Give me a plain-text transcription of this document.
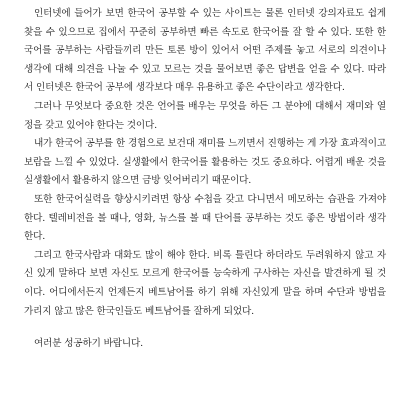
인터넷에 들어가 보면 한국어 공부할 수 있는 사이트는 물론 인터넷 강의자료도 쉽게 찾을 수 있으므로 집에서 꾸준히 공부하면 빠른 속도로 한국어를 잘 할 수 있다. 또한 한국어를 공부하는 사람들끼리 만든 토론 방이 있어서 어떤 주제를 놓고 서로의 의견이나 생각에 대해 의견을 나눌 수 있고 모르는 것을 물어보면 좋은 답변을 얻을 수 있다. 따라서 인터넷은 한국어 공부에 생각보다 매우 유용하고 좋은 수단이라고 생각한다.

그러나 무엇보다 중요한 것은 언어를 배우는 무엇을 하든 그 분야에 대해서 재미와 열정을 갖고 있어야 한다는 것이다.

내가 한국어 공부를 한 경험으로 보건대 재미를 느끼면서 진행하는 게 가장 효과적이고 보람을 느낄 수 있었다. 실생활에서 한국어를 활용하는 것도 중요하다. 어렵게 배운 것을 실생활에서 활용하지 않으면 금방 잊어버리기 때문이다.

또한 한국어실력을 향상시키려면 항상 수첩을 갖고 다니면서 메모하는 습관을 가져야 한다. 텔레비전을 볼 때나, 영화, 뉴스를 볼 때 단어를 공부하는 것도 좋은 방법이라 생각한다.

그리고 한국사람과 대화도 많이 해야 한다. 비록 틀린다 하더라도 두려워하지 않고 자신 있게 말하다 보면 자신도 모르게 한국어를 능숙하게 구사하는 자신을 발견하게 될 것이다. 어디에서든지 언제든지 베트남어를 하기 위해 자신있게 말을 하며 수단과 방법을 가리지 않고 많은 한국인들도 베트남어를 잘하게 되었다.

여러분 성공하기 바랍니다.
